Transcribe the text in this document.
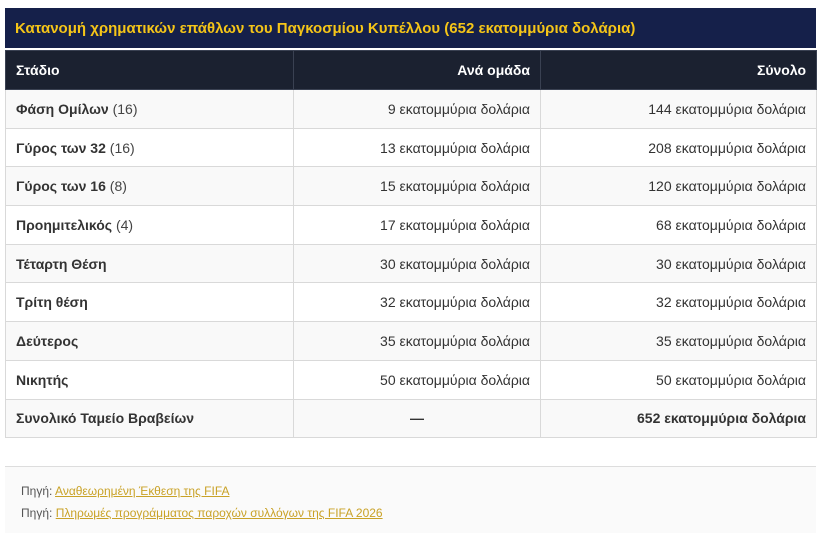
Κατανομή χρηματικών επάθλων του Παγκοσμίου Κυπέλλου (652 εκατομμύρια δολάρια)
Στάδιο	Ανά ομάδα	Σύνολο
Φάση Ομίλων (16)	9 εκατομμύρια δολάρια	144 εκατομμύρια δολάρια
Γύρος των 32 (16)	13 εκατομμύρια δολάρια	208 εκατομμύρια δολάρια
Γύρος των 16 (8)	15 εκατομμύρια δολάρια	120 εκατομμύρια δολάρια
Προημιτελικός (4)	17 εκατομμύρια δολάρια	68 εκατομμύρια δολάρια
Τέταρτη Θέση	30 εκατομμύρια δολάρια	30 εκατομμύρια δολάρια
Τρίτη θέση	32 εκατομμύρια δολάρια	32 εκατομμύρια δολάρια
Δεύτερος	35 εκατομμύρια δολάρια	35 εκατομμύρια δολάρια
Νικητής	50 εκατομμύρια δολάρια	50 εκατομμύρια δολάρια
Συνολικό Ταμείο Βραβείων	—	652 εκατομμύρια δολάρια
Πηγή: Αναθεωρημένη Έκθεση της FIFA
Πηγή: Πληρωμές προγράμματος παροχών συλλόγων της FIFA 2026
